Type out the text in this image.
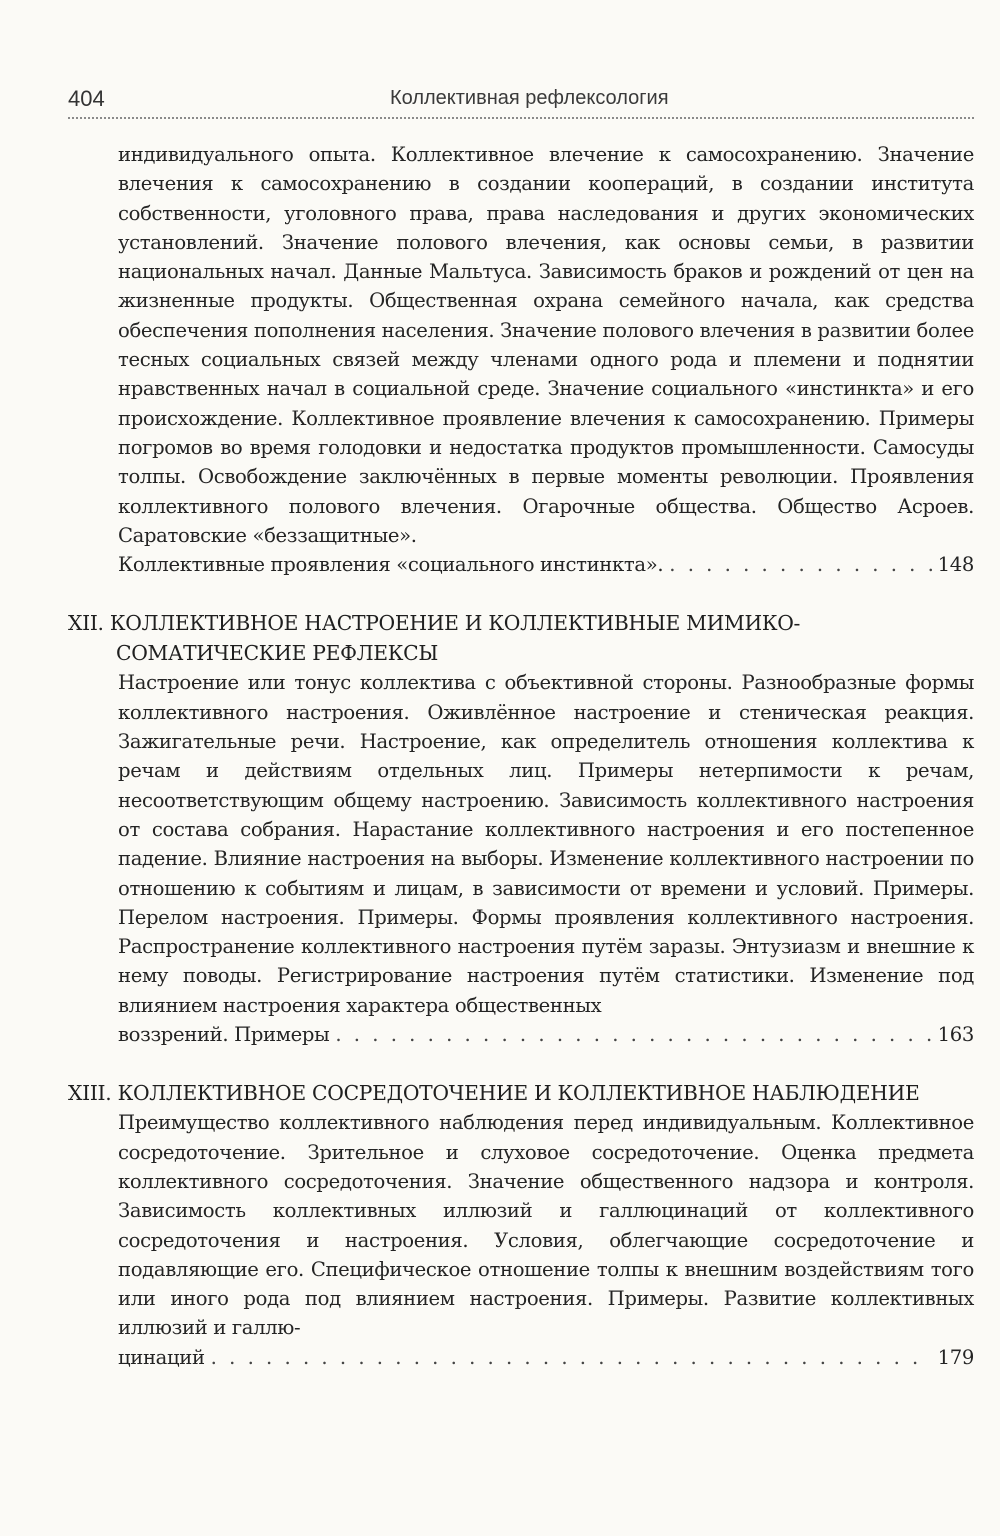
404	Коллективная рефлексология

индивидуального опыта. Коллективное влечение к самосохранению. Значение влечения к самосохранению в создании коопераций, в создании института собственности, уголовного права, права наследования и других экономических установлений. Значение полового влечения, как основы семьи, в развитии национальных начал. Данные Мальтуса. Зависимость браков и рождений от цен на жизненные продукты. Общественная охрана семейного начала, как средства обеспечения пополнения населения. Значение полового влечения в развитии более тесных социальных связей между членами одного рода и племени и поднятии нравственных начал в социальной среде. Значение социального «инстинкта» и его происхождение. Коллективное проявление влечения к самосохранению. Примеры погромов во время голодовки и недостатка продуктов промышленности. Самосуды толпы. Освобождение заключённых в первые моменты революции. Проявления коллективного полового влечения. Огарочные общества. Общество Асроев. Саратовские «беззащитные».

Коллективные проявления «социального инстинкта». . . .	148
XII. КОЛЛЕКТИВНОЕ НАСТРОЕНИЕ И КОЛЛЕКТИВНЫЕ МИМИКО-СОМАТИЧЕСКИЕ РЕФЛЕКСЫ

Настроение или тонус коллектива с объективной стороны. Разнообразные формы коллективного настроения. Оживлённое настроение и стеническая реакция. Зажигательные речи. Настроение, как определитель отношения коллектива к речам и действиям отдельных лиц. Примеры нетерпимости к речам, несоответствующим общему настроению. Зависимость коллективного настроения от состава собрания. Нарастание коллективного настроения и его постепенное падение. Влияние настроения на выборы. Изменение коллективного настроении по отношению к событиям и лицам, в зависимости от времени и условий. Примеры. Перелом настроения. Примеры. Формы проявления коллективного настроения. Распространение коллективного настроения путём заразы. Энтузиазм и внешние к нему поводы. Регистрирование настроения путём статистики. Изменение под влиянием настроения характера общественных

воззрений. Примеры . . .	163
XIII. КОЛЛЕКТИВНОЕ СОСРЕДОТОЧЕНИЕ И КОЛЛЕКТИВНОЕ НАБЛЮДЕНИЕ

Преимущество коллективного наблюдения перед индивидуальным. Коллективное сосредоточение. Зрительное и слуховое сосредоточение. Оценка предмета коллективного сосредоточения. Значение общественного надзора и контроля. Зависимость коллективных иллюзий и галлюцинаций от коллективного сосредоточения и настроения. Условия, облегчающие сосредоточение и подавляющие его. Специфическое отношение толпы к внешним воздействиям того или иного рода под влиянием настроения. Примеры. Развитие коллективных иллюзий и галлю-

цинаций . . .	179
